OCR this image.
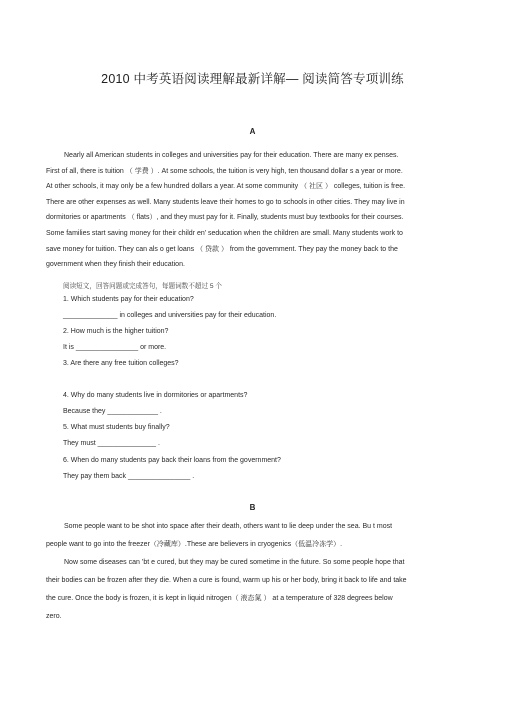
2010 中考英语阅读理解最新详解— 阅读简答专项训练
A
Nearly all American students in colleges and universities pay for their education. There are many ex penses.
First of all, there is tuition （ 学费 ）. At some schools, the tuition is very high, ten thousand dollar s a year or more.
At other schools, it may only be a few hundred dollars a year. At some community （ 社区 ） colleges, tuition is free.
There are other expenses as well. Many students leave their homes to go to schools in other cities. They may live in
dormitories or apartments （ flats）, and they must pay for it. Finally, students must buy textbooks for their courses.
Some families start saving money for their childr en’ seducation when the children are small. Many students work to
save money for tuition. They can als o get loans （ 贷款 ） from the government. They pay the money back to the
government when they finish their education.
阅读短文，回答问题或完成答句，每题词数不超过 5 个
1. Which students pay for their education?
______________ in colleges and universities pay for their education.
2. How much is the higher tuition?
It is ________________ or more.
3. Are there any free tuition colleges?
4. Why do many students live in dormitories or apartments?
Because they _____________ .
5. What must students buy finally?
They must _______________ .
6. When do many students pay back their loans from the government?
They pay them back ________________ .
B
Some people want to be shot into space after their death, others want to lie deep under the sea. Bu t most
people want to go into the freezer（冷藏库）.These are believers in cryogenics（低温冷冻学）.
Now some diseases can ’bt e cured, but they may be cured sometime in the future. So some people hope that
their bodies can be frozen after they die. When a cure is found, warm up his or her body, bring it back to life and take
the cure. Once the body is frozen, it is kept in liquid nitrogen（ 液态氮 ） at a temperature of 328 degrees below
zero.
